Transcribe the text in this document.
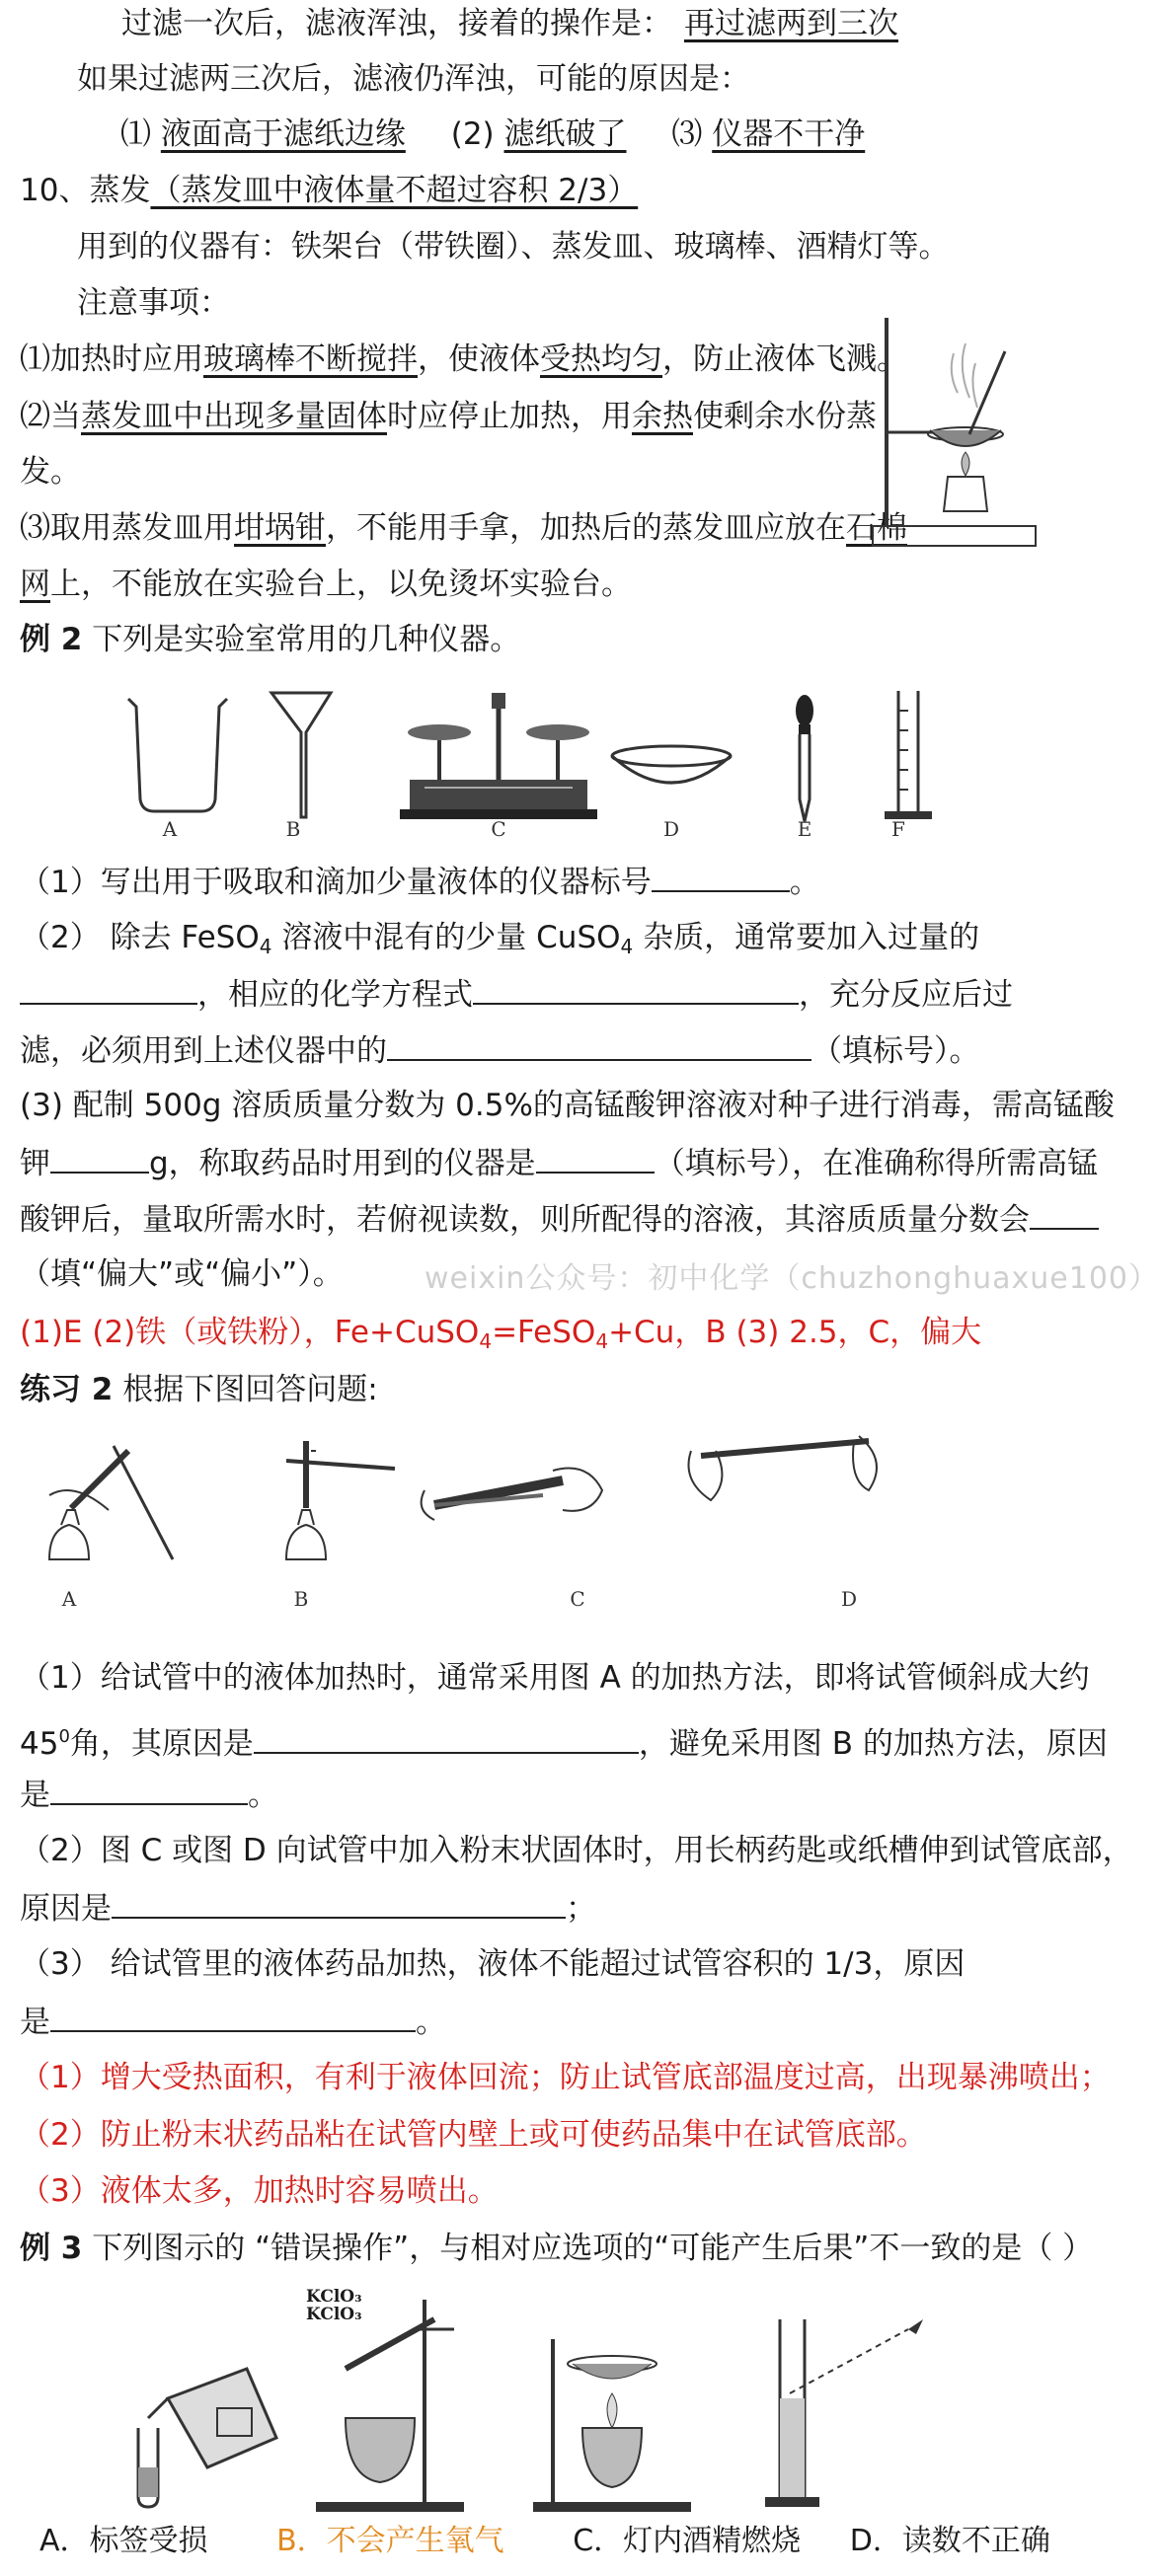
过滤一次后，滤液浑浊，接着的操作是： 再过滤两到三次
如果过滤两三次后，滤液仍浑浊，可能的原因是：
⑴ 液面高于滤纸边缘 (2) 滤纸破了 ⑶ 仪器不干净
10、蒸发（蒸发皿中液体量不超过容积 2/3）
用到的仪器有：铁架台（带铁圈）、蒸发皿、玻璃棒、酒精灯等。
注意事项：
⑴加热时应用玻璃棒不断搅拌，使液体受热均匀，防止液体飞溅。
⑵当蒸发皿中出现多量固体时应停止加热，用余热使剩余水份蒸
发。
⑶取用蒸发皿用坩埚钳，不能用手拿，加热后的蒸发皿应放在石棉
网上，不能放在实验台上，以免烫坏实验台。
例 2 下列是实验室常用的几种仪器。
A	B	C	D	E	F
（1）写出用于吸取和滴加少量液体的仪器标号	。
（2） 除去 FeSO$_4$ 溶液中混有的少量 CuSO$_4$ 杂质，通常要加入过量的
，相应的化学方程式	，充分反应后过
滤，必须用到上述仪器中的	（填标号）。
(3) 配制 500g 溶质质量分数为 0.5%的高锰酸钾溶液对种子进行消毒，需高锰酸
钾	g，称取药品时用到的仪器是	（填标号），在准确称得所需高锰
酸钾后，量取所需水时，若俯视读数，则所配得的溶液，其溶质质量分数会
（填“偏大”或“偏小”）。	weixin公众号：初中化学（chuzhonghuaxue100）
(1)E (2)铁（或铁粉），Fe+CuSO$_4$=FeSO$_4$+Cu，B (3) 2.5，C，偏大
练习 2 根据下图回答问题:
A	B	C	D
（1）给试管中的液体加热时，通常采用图 A 的加热方法，即将试管倾斜成大约
$45^0$角，其原因是	，避免采用图 B 的加热方法，原因
是	。
（2）图 C 或图 D 向试管中加入粉末状固体时，用长柄药匙或纸槽伸到试管底部，
原因是	；
（3） 给试管里的液体药品加热，液体不能超过试管容积的 1/3，原因
是	。
（1）增大受热面积，有利于液体回流；防止试管底部温度过高，出现暴沸喷出；
（2）防止粉末状药品粘在试管内壁上或可使药品集中在试管底部。
（3）液体太多，加热时容易喷出。
例 3 下列图示的 “错误操作”，与相对应选项的“可能产生后果”不一致的是（ ）
KClO₃
KClO₃
A．标签受损 B．不会产生氧气 C．灯内酒精燃烧 D．读数不正确
